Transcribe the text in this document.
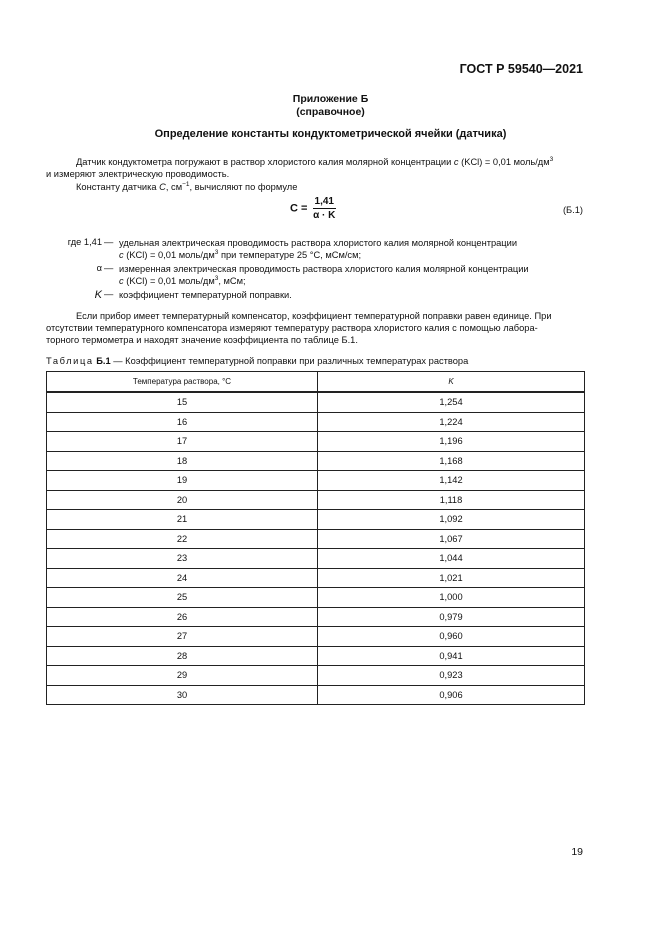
ГОСТ Р 59540—2021
Приложение Б
(справочное)
Определение константы кондуктометрической ячейки (датчика)
Датчик кондуктометра погружают в раствор хлористого калия молярной концентрации c (KCl) = 0,01 моль/$дм^3$
и измеряют электрическую проводимость.
Константу датчика C, $см^{-1}$, вычисляют по формуле
$C = \frac{1,41}{\alpha \cdot K}$	(Б.1)
где 1,41 — удельная электрическая проводимость раствора хлористого калия молярной концентрации
c (KCl) = 0,01 моль/$дм^3$ при температуре 25 °С, мСм/см;
α — измеренная электрическая проводимость раствора хлористого калия молярной концентрации
c (KCl) = 0,01 моль/$дм^3$, мСм;
K — коэффициент температурной поправки.
Если прибор имеет температурный компенсатор, коэффициент температурной поправки равен единице. При
отсутствии температурного компенсатора измеряют температуру раствора хлористого калия с помощью лабора-
торного термометра и находят значение коэффициента по таблице Б.1.
Таблица Б.1 — Коэффициент температурной поправки при различных температурах раствора
Температура раствора, °С	K
15	1,254
16	1,224
17	1,196
18	1,168
19	1,142
20	1,118
21	1,092
22	1,067
23	1,044
24	1,021
25	1,000
26	0,979
27	0,960
28	0,941
29	0,923
30	0,906
19
